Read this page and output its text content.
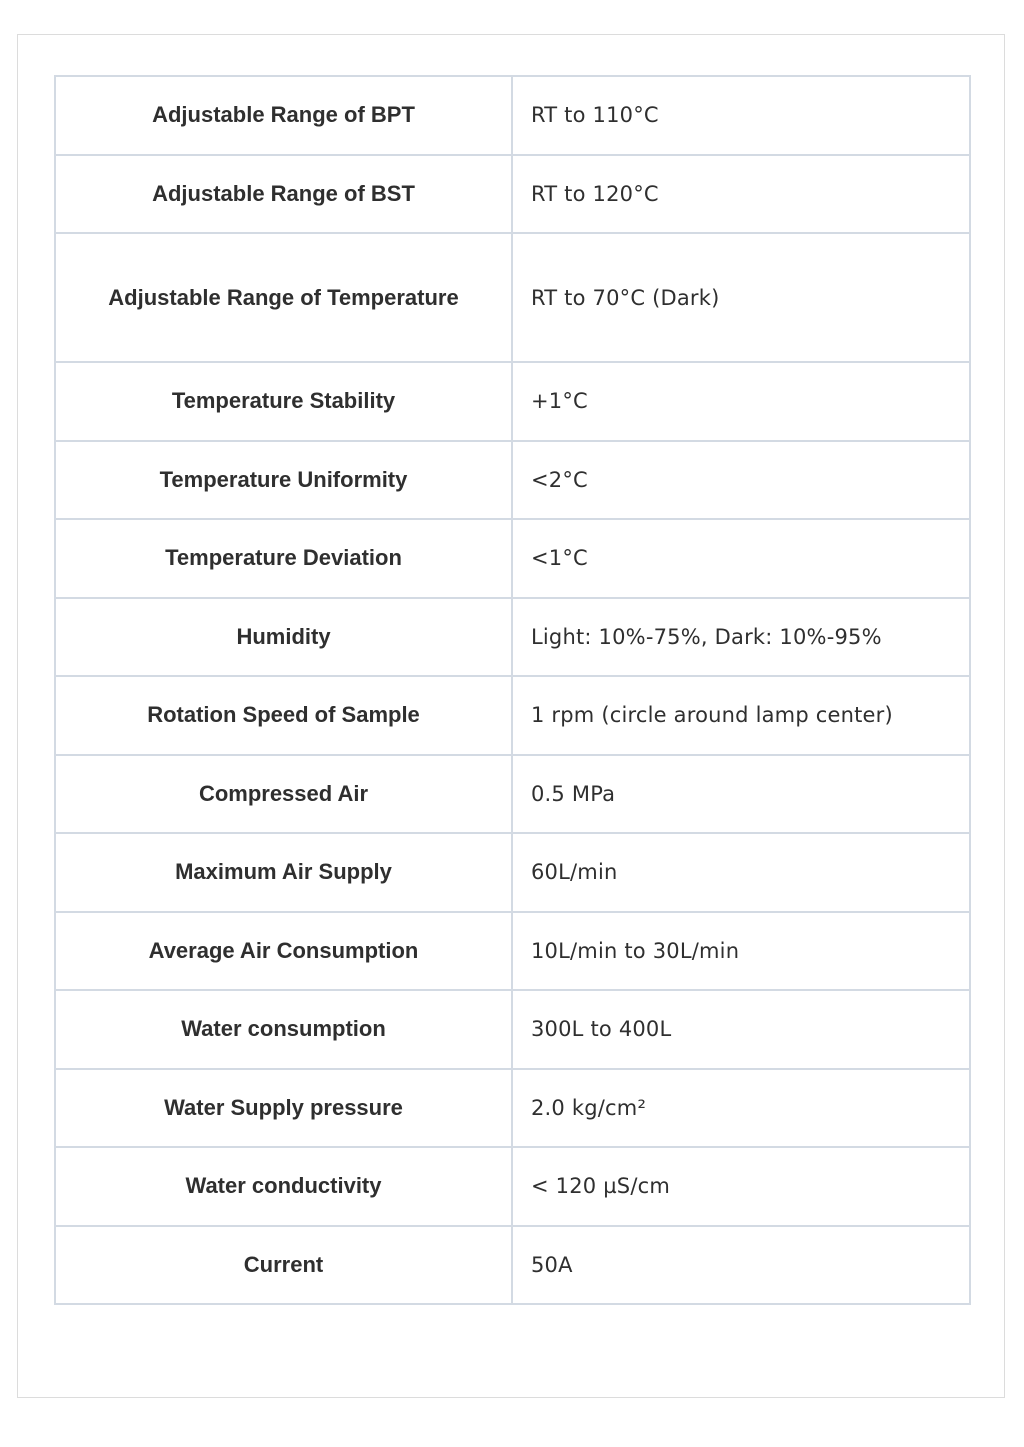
Adjustable Range of BPT	RT to 110°C
Adjustable Range of BST	RT to 120°C
Adjustable Range of Temperature	RT to 70°C (Dark)
Temperature Stability	+1°C
Temperature Uniformity	<2°C
Temperature Deviation	<1°C
Humidity	Light: 10%-75%, Dark: 10%-95%
Rotation Speed of Sample	1 rpm (circle around lamp center)
Compressed Air	0.5 MPa
Maximum Air Supply	60L/min
Average Air Consumption	10L/min to 30L/min
Water consumption	300L to 400L
Water Supply pressure	2.0 kg/cm²
Water conductivity	< 120 µS/cm
Current	50A
